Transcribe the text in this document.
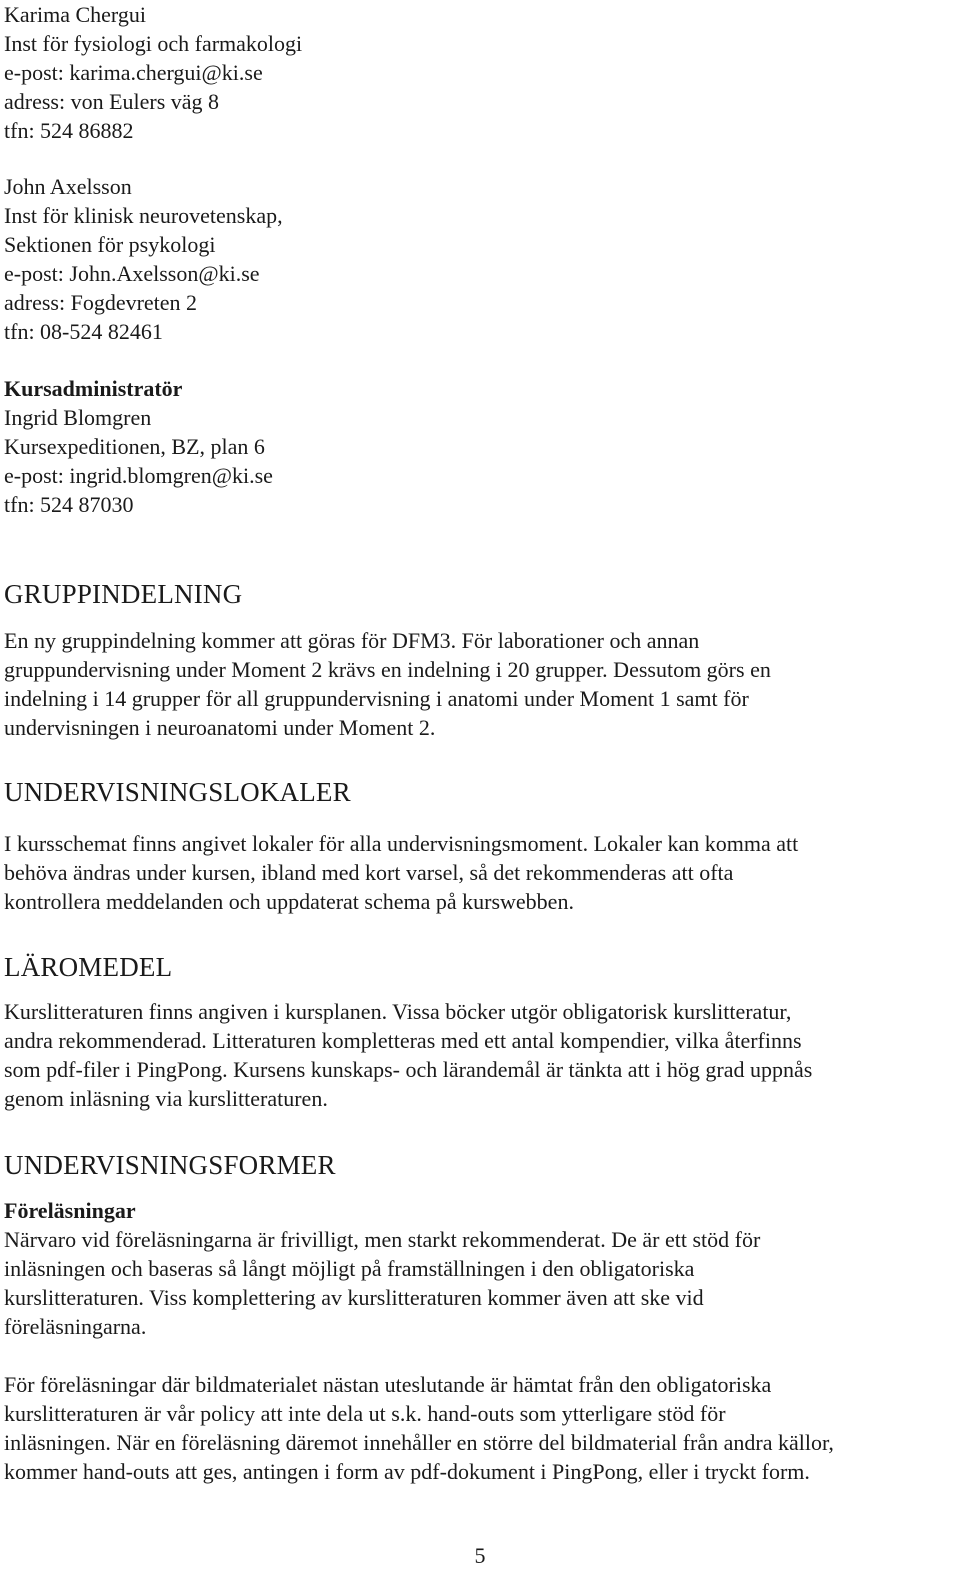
Karima Chergui
Inst för fysiologi och farmakologi
e-post: karima.chergui@ki.se
adress: von Eulers väg 8
tfn: 524 86882
John Axelsson
Inst för klinisk neurovetenskap,
Sektionen för psykologi
e-post: John.Axelsson@ki.se
adress: Fogdevreten 2
tfn: 08-524 82461
Kursadministratör
Ingrid Blomgren
Kursexpeditionen, BZ, plan 6
e-post: ingrid.blomgren@ki.se
tfn: 524 87030
GRUPPINDELNING
En ny gruppindelning kommer att göras för DFM3. För laborationer och annan
gruppundervisning under Moment 2 krävs en indelning i 20 grupper. Dessutom görs en
indelning i 14 grupper för all gruppundervisning i anatomi under Moment 1 samt för
undervisningen i neuroanatomi under Moment 2.
UNDERVISNINGSLOKALER
I kursschemat finns angivet lokaler för alla undervisningsmoment. Lokaler kan komma att
behöva ändras under kursen, ibland med kort varsel, så det rekommenderas att ofta
kontrollera meddelanden och uppdaterat schema på kurswebben.
LÄROMEDEL
Kurslitteraturen finns angiven i kursplanen. Vissa böcker utgör obligatorisk kurslitteratur,
andra rekommenderad. Litteraturen kompletteras med ett antal kompendier, vilka återfinns
som pdf-filer i PingPong. Kursens kunskaps- och lärandemål är tänkta att i hög grad uppnås
genom inläsning via kurslitteraturen.
UNDERVISNINGSFORMER
Föreläsningar
Närvaro vid föreläsningarna är frivilligt, men starkt rekommenderat. De är ett stöd för
inläsningen och baseras så långt möjligt på framställningen i den obligatoriska
kurslitteraturen. Viss komplettering av kurslitteraturen kommer även att ske vid
föreläsningarna.
För föreläsningar där bildmaterialet nästan uteslutande är hämtat från den obligatoriska
kurslitteraturen är vår policy att inte dela ut s.k. hand-outs som ytterligare stöd för
inläsningen. När en föreläsning däremot innehåller en större del bildmaterial från andra källor,
kommer hand-outs att ges, antingen i form av pdf-dokument i PingPong, eller i tryckt form.
5
